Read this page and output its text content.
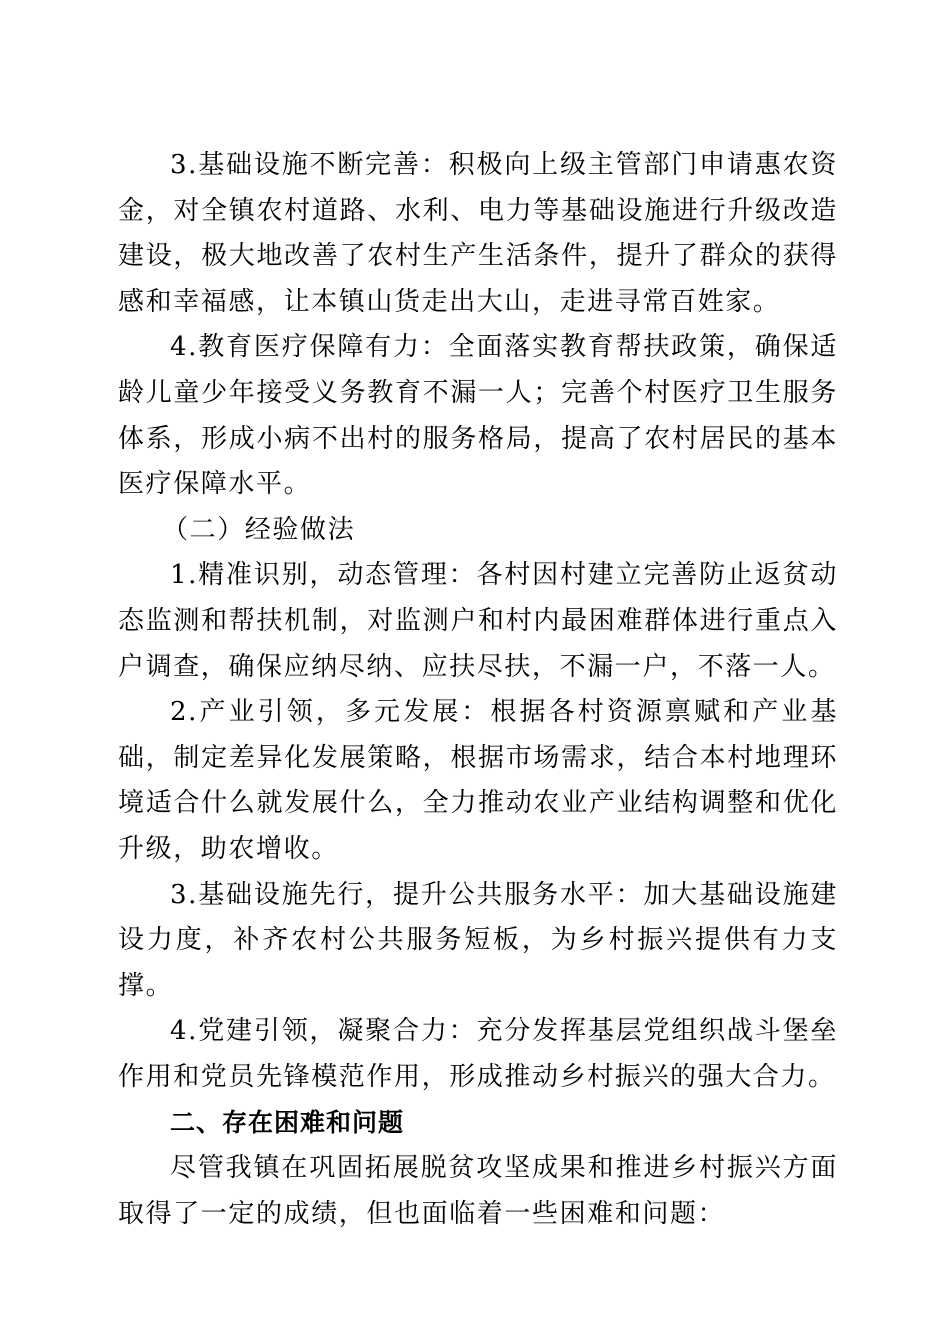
3.基础设施不断完善：积极向上级主管部门申请惠农资金，对全镇农村道路、水利、电力等基础设施进行升级改造建设，极大地改善了农村生产生活条件，提升了群众的获得感和幸福感，让本镇山货走出大山，走进寻常百姓家。

4.教育医疗保障有力：全面落实教育帮扶政策，确保适龄儿童少年接受义务教育不漏一人；完善个村医疗卫生服务体系，形成小病不出村的服务格局，提高了农村居民的基本医疗保障水平。

（二）经验做法

1.精准识别，动态管理：各村因村建立完善防止返贫动态监测和帮扶机制，对监测户和村内最困难群体进行重点入户调查，确保应纳尽纳、应扶尽扶，不漏一户，不落一人。

2.产业引领，多元发展：根据各村资源禀赋和产业基础，制定差异化发展策略，根据市场需求，结合本村地理环境适合什么就发展什么，全力推动农业产业结构调整和优化升级，助农增收。

3.基础设施先行，提升公共服务水平：加大基础设施建设力度，补齐农村公共服务短板，为乡村振兴提供有力支撑。

4.党建引领，凝聚合力：充分发挥基层党组织战斗堡垒作用和党员先锋模范作用，形成推动乡村振兴的强大合力。

二、存在困难和问题

尽管我镇在巩固拓展脱贫攻坚成果和推进乡村振兴方面取得了一定的成绩，但也面临着一些困难和问题：
